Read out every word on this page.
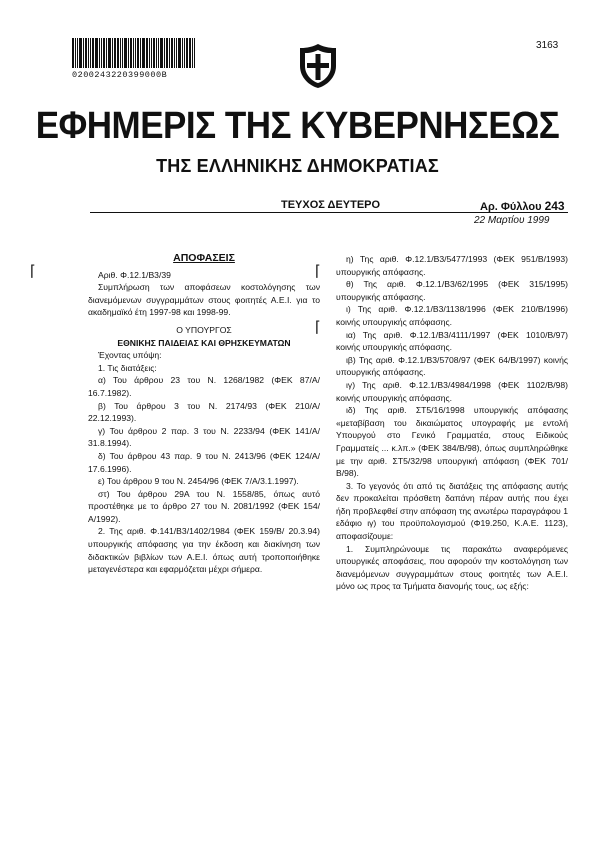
0200243220399000B
3163
ΕΦΗΜΕΡΙΣ ΤΗΣ ΚΥΒΕΡΝΗΣΕΩΣ
ΤΗΣ ΕΛΛΗΝΙΚΗΣ ΔΗΜΟΚΡΑΤΙΑΣ
ΤΕΥΧΟΣ ΔΕΥΤΕΡΟ	Αρ. Φύλλου 243
22 Μαρτίου 1999
⌈	⌈
⌈
ΑΠΟΦΑΣΕΙΣ

Αριθ. Φ.12.1/Β3/39

Συμπλήρωση των αποφάσεων κοστολόγησης των διανεμόμενων συγγραμμάτων στους φοιτητές Α.Ε.Ι. για το ακαδημαϊκό έτη 1997-98 και 1998-99.

Ο ΥΠΟΥΡΓΟΣ

ΕΘΝΙΚΗΣ ΠΑΙΔΕΙΑΣ ΚΑΙ ΘΡΗΣΚΕΥΜΑΤΩΝ

Έχοντας υπόψη:

1. Τις διατάξεις:

α) Του άρθρου 23 του Ν. 1268/1982 (ΦΕΚ 87/Α/ 16.7.1982).

β) Του άρθρου 3 του Ν. 2174/93 (ΦΕΚ 210/Α/ 22.12.1993).

γ) Του άρθρου 2 παρ. 3 του Ν. 2233/94 (ΦΕΚ 141/Α/ 31.8.1994).

δ) Του άρθρου 43 παρ. 9 του Ν. 2413/96 (ΦΕΚ 124/Α/ 17.6.1996).

ε) Του άρθρου 9 του Ν. 2454/96 (ΦΕΚ 7/Α/3.1.1997).

στ) Του άρθρου 29Α του Ν. 1558/85, όπως αυτό προστέθηκε με το άρθρο 27 του Ν. 2081/1992 (ΦΕΚ 154/Α/1992).

2. Της αριθ. Φ.141/Β3/1402/1984 (ΦΕΚ 159/Β/ 20.3.94) υπουργικής απόφασης για την έκδοση και διακίνηση των διδακτικών βιβλίων των Α.Ε.Ι. όπως αυτή τροποποιήθηκε μεταγενέστερα και εφαρμόζεται μέχρι σήμερα.

η) Της αριθ. Φ.12.1/Β3/5477/1993 (ΦΕΚ 951/Β/1993) υπουργικής απόφασης.

θ) Της αριθ. Φ.12.1/Β3/62/1995 (ΦΕΚ 315/1995) υπουργικής απόφασης.

ι) Της αριθ. Φ.12.1/Β3/1138/1996 (ΦΕΚ 210/Β/1996) κοινής υπουργικής απόφασης.

ια) Της αριθ. Φ.12.1/Β3/4111/1997 (ΦΕΚ 1010/Β/97) κοινής υπουργικής απόφασης.

ιβ) Της αριθ. Φ.12.1/Β3/5708/97 (ΦΕΚ 64/Β/1997) κοινής υπουργικής απόφασης.

ιγ) Της αριθ. Φ.12.1/Β3/4984/1998 (ΦΕΚ 1102/Β/98) κοινής υπουργικής απόφασης.

ιδ) Της αριθ. ΣΤ5/16/1998 υπουργικής απόφασης «μεταβίβαση του δικαιώματος υπογραφής με εντολή Υπουργού στο Γενικό Γραμματέα, στους Ειδικούς Γραμματείς ... κ.λπ.» (ΦΕΚ 384/Β/98), όπως συμπληρώθηκε με την αριθ. ΣΤ5/32/98 υπουργική απόφαση (ΦΕΚ 701/Β/98).

3. Το γεγονός ότι από τις διατάξεις της απόφασης αυτής δεν προκαλείται πρόσθετη δαπάνη πέραν αυτής που έχει ήδη προβλεφθεί στην απόφαση της ανωτέρω παραγράφου 1 εδάφιο ιγ) του προϋπολογισμού (Φ19.250, Κ.Α.Ε. 1123), αποφασίζουμε:

1. Συμπληρώνουμε τις παρακάτω αναφερόμενες υπουργικές αποφάσεις, που αφορούν την κοστολόγηση των διανεμόμενων συγγραμμάτων στους φοιτητές των Α.Ε.Ι. μόνο ως προς τα Τμήματα διανομής τους, ως εξής:
